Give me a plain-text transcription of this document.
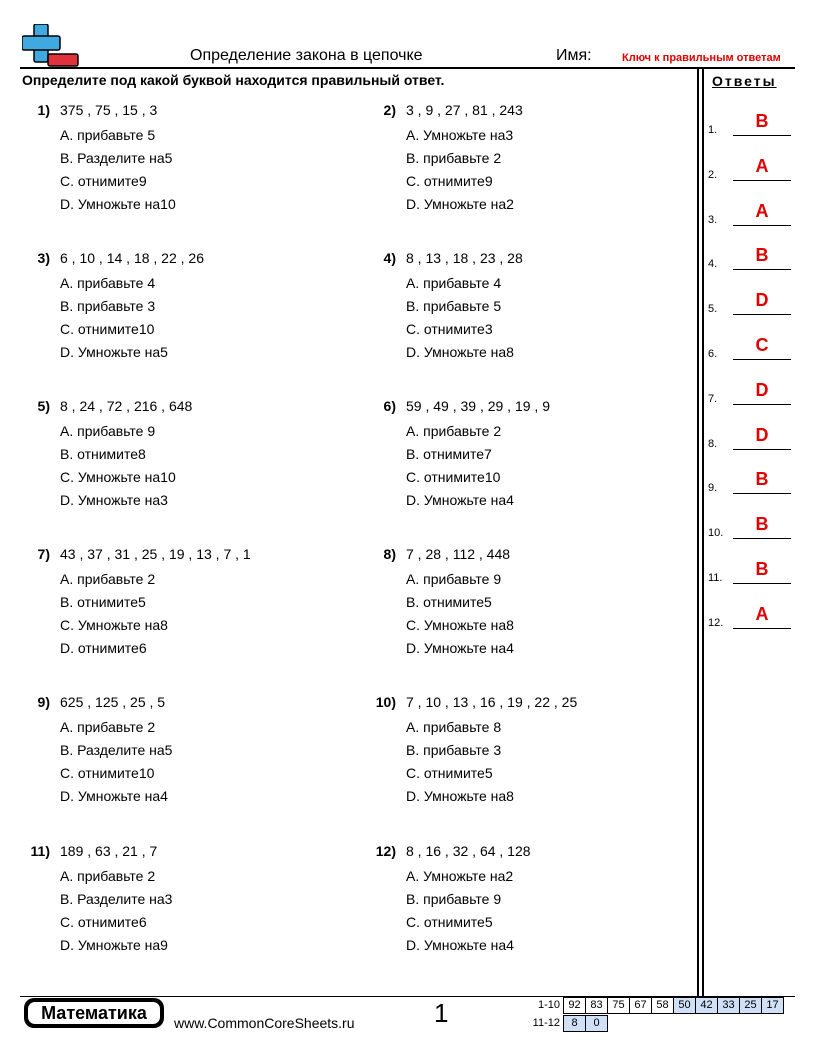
Определение закона в цепочке	Имя:	Ключ к правильным ответам
Определите под какой буквой находится правильный ответ.	Ответы
1) 375 , 75 , 15 , 3
A. прибавьте 5
B. Разделите на5
C. отнимите9
D. Умножьте на10
2) 3 , 9 , 27 , 81 , 243
A. Умножьте на3
B. прибавьте 2
C. отнимите9
D. Умножьте на2
3) 6 , 10 , 14 , 18 , 22 , 26
A. прибавьте 4
B. прибавьте 3
C. отнимите10
D. Умножьте на5
4) 8 , 13 , 18 , 23 , 28
A. прибавьте 4
B. прибавьте 5
C. отнимите3
D. Умножьте на8
5) 8 , 24 , 72 , 216 , 648
A. прибавьте 9
B. отнимите8
C. Умножьте на10
D. Умножьте на3
6) 59 , 49 , 39 , 29 , 19 , 9
A. прибавьте 2
B. отнимите7
C. отнимите10
D. Умножьте на4
7) 43 , 37 , 31 , 25 , 19 , 13 , 7 , 1
A. прибавьте 2
B. отнимите5
C. Умножьте на8
D. отнимите6
8) 7 , 28 , 112 , 448
A. прибавьте 9
B. отнимите5
C. Умножьте на8
D. Умножьте на4
9) 625 , 125 , 25 , 5
A. прибавьте 2
B. Разделите на5
C. отнимите10
D. Умножьте на4
10) 7 , 10 , 13 , 16 , 19 , 22 , 25
A. прибавьте 8
B. прибавьте 3
C. отнимите5
D. Умножьте на8
11) 189 , 63 , 21 , 7
A. прибавьте 2
B. Разделите на3
C. отнимите6
D. Умножьте на9
12) 8 , 16 , 32 , 64 , 128
A. Умножьте на2
B. прибавьте 9
C. отнимите5
D. Умножьте на4
1.	B
2.	A
3.	A
4.	B
5.	D
6.	C
7.	D
8.	D
9.	B
10.	B
11.	B
12.	A
Математика	www.CommonCoreSheets.ru	1	1-10 92 83 75 67 58 50 42 33 25 17
11-12	8	0
